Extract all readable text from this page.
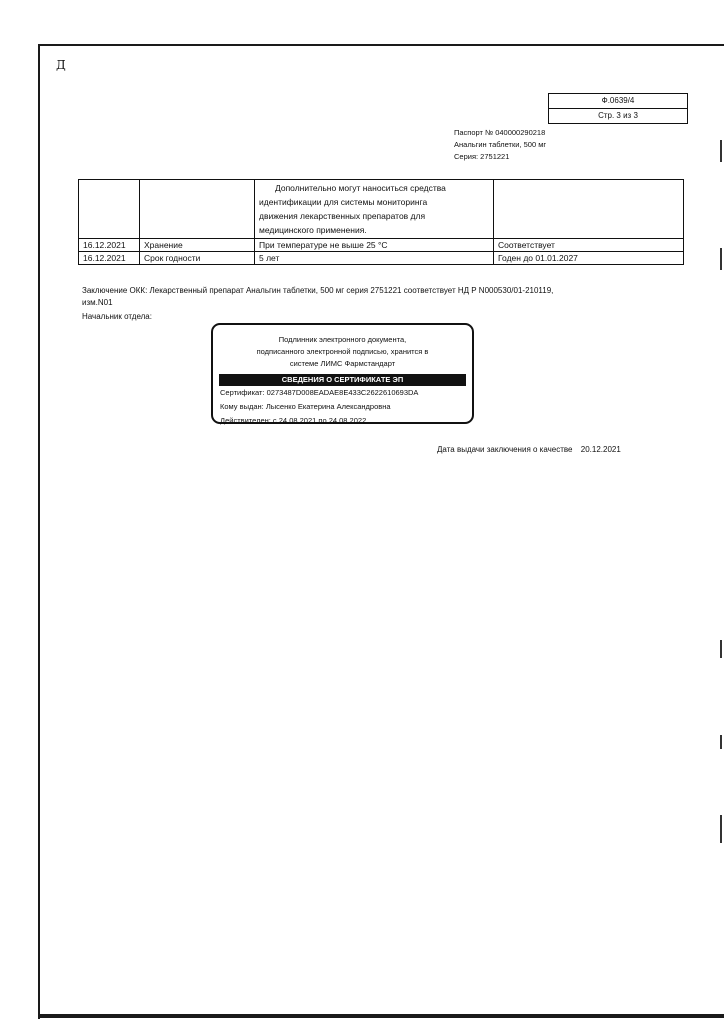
Д
Ф.0639/4
Стр. 3 из 3
Паспорт № 040000290218
Анальгин таблетки, 500 мг
Серия: 2751221

		Дополнительно могут наноситься средства
идентификации для системы мониторинга
движения лекарственных препаратов для
медицинского применения.	

16.12.2021	Хранение	При температуре не выше 25 °С	Соответствует
16.12.2021	Срок годности	5 лет	Годен до 01.01.2027
Заключение ОКК: Лекарственный препарат Анальгин таблетки, 500 мг серия 2751221 соответствует НД Р N000530/01-210119,
изм.N01
Начальник отдела:
Подлинник электронного документа,
подписанного электронной подписью, хранится в
системе ЛИМС Фармстандарт
СВЕДЕНИЯ О СЕРТИФИКАТЕ ЭП
Сертификат: 0273487D008EADAE8E433C2622610693DA
Кому выдан: Лысенко Екатерина Александровна
Действителен: с 24.08.2021 по 24.08.2022
Дата выдачи заключения о качестве 20.12.2021
